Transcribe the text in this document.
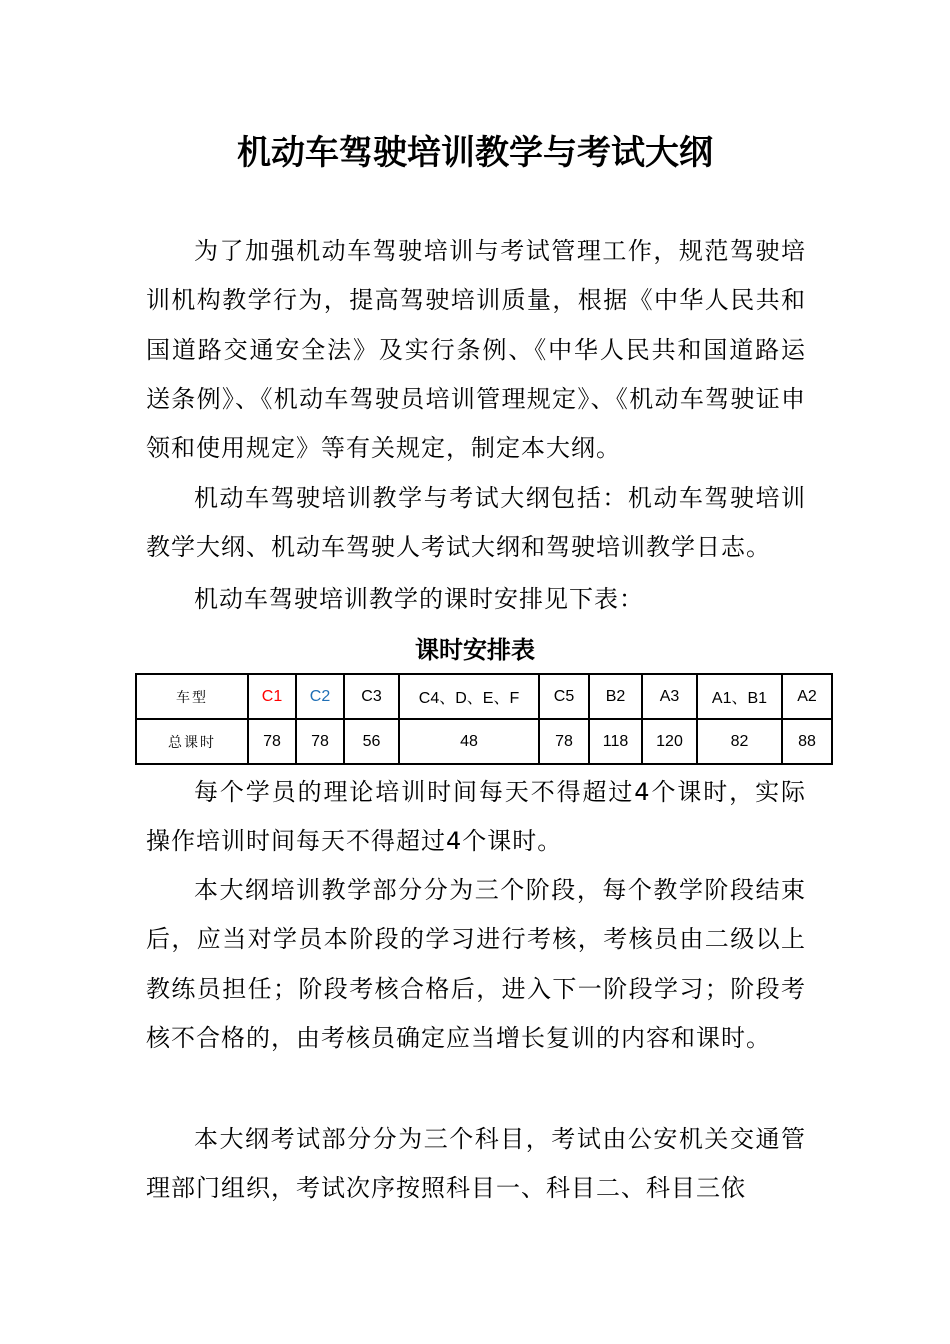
机动车驾驶培训教学与考试大纲

为了加强机动车驾驶培训与考试管理工作，规范驾驶培训机构教学行为，提高驾驶培训质量，根据《中华人民共和国道路交通安全法》及实行条例、《中华人民共和国道路运送条例》、《机动车驾驶员培训管理规定》、《机动车驾驶证申领和使用规定》等有关规定，制定本大纲。

机动车驾驶培训教学与考试大纲包括：机动车驾驶培训教学大纲、机动车驾驶人考试大纲和驾驶培训教学日志。

机动车驾驶培训教学的课时安排见下表：

课时安排表
车型	C1	C2	C3	C4、D、E、F	C5	B2	A3	A1、B1	A2
总课时	78	78	56	48	78	118	120	82	88

每个学员的理论培训时间每天不得超过4个课时，实际操作培训时间每天不得超过4个课时。

本大纲培训教学部分分为三个阶段，每个教学阶段结束后，应当对学员本阶段的学习进行考核，考核员由二级以上教练员担任；阶段考核合格后，进入下一阶段学习；阶段考核不合格的，由考核员确定应当增长复训的内容和课时。

本大纲考试部分分为三个科目，考试由公安机关交通管理部门组织，考试次序按照科目一、科目二、科目三依
